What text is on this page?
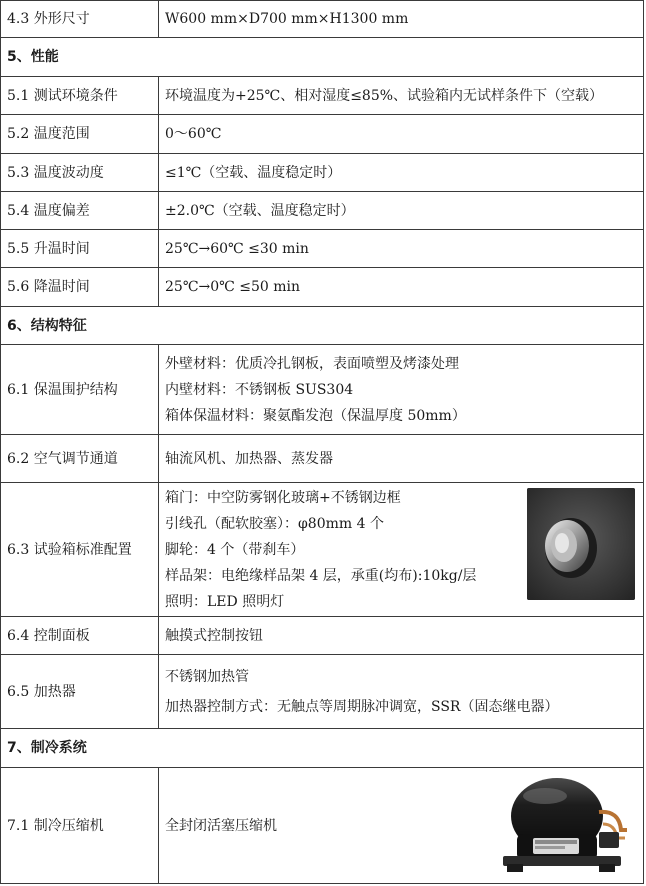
4.3 外形尺寸	W600 mm×D700 mm×H1300 mm
5、性能	
5.1 测试环境条件	环境温度为+25℃、相对湿度≤85%、试验箱内无试样条件下（空载）
5.2 温度范围	0～60℃
5.3 温度波动度	≤1℃（空载、温度稳定时）
5.4 温度偏差	±2.0℃（空载、温度稳定时）
5.5 升温时间	25℃→60℃ ≤30 min
5.6 降温时间	25℃→0℃ ≤50 min
6、结构特征	
6.1 保温围护结构	外壁材料：优质冷扎钢板，表面喷塑及烤漆处理
内壁材料：不锈钢板 SUS304
箱体保温材料：聚氨酯发泡（保温厚度 50mm）

6.2 空气调节通道	轴流风机、加热器、蒸发器
6.3 试验箱标准配置	箱门：中空防雾钢化玻璃+不锈钢边框
引线孔（配软胶塞）：φ80mm 4 个
脚轮：4 个（带刹车）
样品架：电绝缘样品架 4 层，承重(均布):10kg/层
照明：LED 照明灯

6.4 控制面板	触摸式控制按钮
6.5 加热器	不锈钢加热管
加热器控制方式：无触点等周期脉冲调宽，SSR（固态继电器）

7、制冷系统	
7.1 制冷压缩机	全封闭活塞压缩机
